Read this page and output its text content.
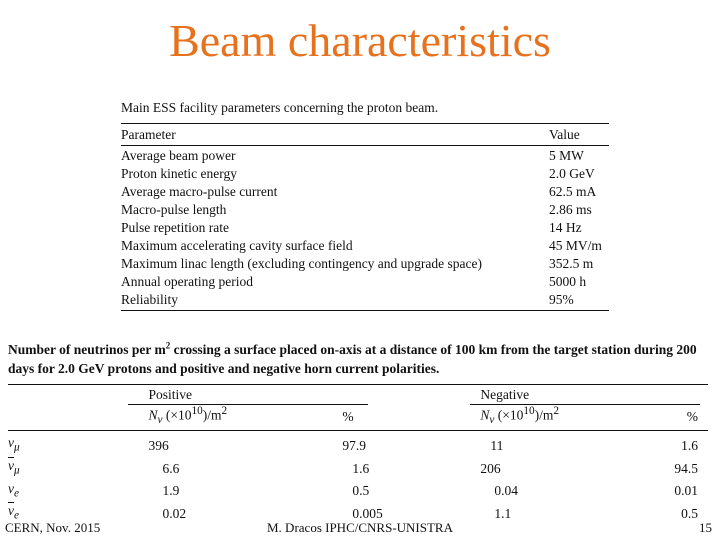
Beam characteristics
Main ESS facility parameters concerning the proton beam.
Parameter	Value

Average beam power	5 MW
Proton kinetic energy	2.0 GeV
Average macro-pulse current	62.5 mA
Macro-pulse length	2.86 ms
Pulse repetition rate	14 Hz
Maximum accelerating cavity surface field	45 MV/m
Maximum linac length (excluding contingency and upgrade space)	352.5 m
Annual operating period	5000 h
Reliability	95%
Number of neutrinos per $m^2$ crossing a surface placed on-axis at a distance of 100 km from the target station during 200 days for 2.0 GeV protons and positive and negative horn current polarities.
	Positive		Negative	
	$N_\nu$ $(\times 10^{10})/m^2$	%	$N_\nu$ $(\times 10^{10})/m^2$	%

$\nu_\mu$	396	97.9	11	1.6
$\overline{\nu}_\mu$	6.6	1.6	206	94.5
$\nu_e$	1.9	0.5	0.04	0.01
$\overline{\nu}_e$	0.02	0.005	1.1	0.5
CERN, Nov. 2015	M. Dracos IPHC/CNRS-UNISTRA	15
